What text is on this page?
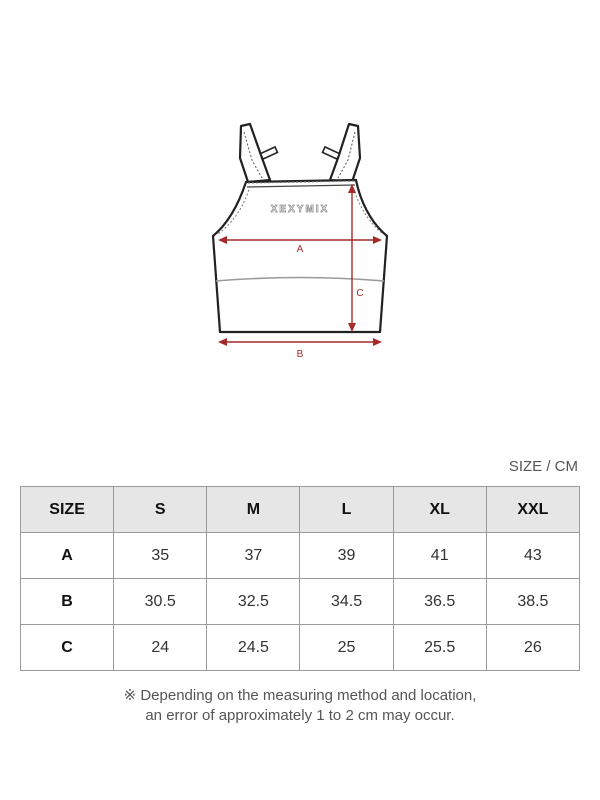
XEXYMIX
A
C
B
SIZE / CM
SIZE	S	M	L	XL	XXL
A	35	37	39	41	43
B	30.5	32.5	34.5	36.5	38.5
C	24	24.5	25	25.5	26
※ Depending on the measuring method and location,
an error of approximately 1 to 2 cm may occur.
